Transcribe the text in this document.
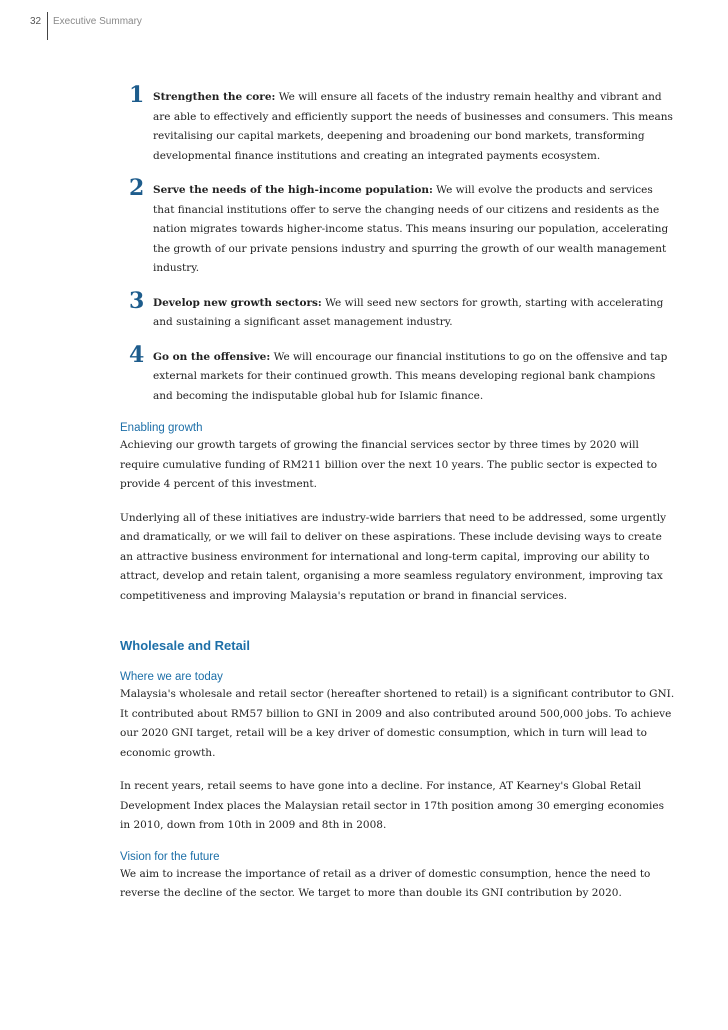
32 Executive Summary
1 Strengthen the core: We will ensure all facets of the industry remain healthy and vibrant and are able to effectively and efficiently support the needs of businesses and consumers. This means revitalising our capital markets, deepening and broadening our bond markets, transforming developmental finance institutions and creating an integrated payments ecosystem.
2 Serve the needs of the high-income population: We will evolve the products and services that financial institutions offer to serve the changing needs of our citizens and residents as the nation migrates towards higher-income status. This means insuring our population, accelerating the growth of our private pensions industry and spurring the growth of our wealth management industry.
3 Develop new growth sectors: We will seed new sectors for growth, starting with accelerating and sustaining a significant asset management industry.
4 Go on the offensive: We will encourage our financial institutions to go on the offensive and tap external markets for their continued growth. This means developing regional bank champions and becoming the indisputable global hub for Islamic finance.
Enabling growth

Achieving our growth targets of growing the financial services sector by three times by 2020 will require cumulative funding of RM211 billion over the next 10 years. The public sector is expected to provide 4 percent of this investment.

Underlying all of these initiatives are industry-wide barriers that need to be addressed, some urgently and dramatically, or we will fail to deliver on these aspirations. These include devising ways to create an attractive business environment for international and long-term capital, improving our ability to attract, develop and retain talent, organising a more seamless regulatory environment, improving tax competitiveness and improving Malaysia's reputation or brand in financial services.

Wholesale and Retail
Where we are today

Malaysia's wholesale and retail sector (hereafter shortened to retail) is a significant contributor to GNI. It contributed about RM57 billion to GNI in 2009 and also contributed around 500,000 jobs. To achieve our 2020 GNI target, retail will be a key driver of domestic consumption, which in turn will lead to economic growth.

In recent years, retail seems to have gone into a decline. For instance, AT Kearney's Global Retail Development Index places the Malaysian retail sector in 17th position among 30 emerging economies in 2010, down from 10th in 2009 and 8th in 2008.

Vision for the future

We aim to increase the importance of retail as a driver of domestic consumption, hence the need to reverse the decline of the sector. We target to more than double its GNI contribution by 2020.
